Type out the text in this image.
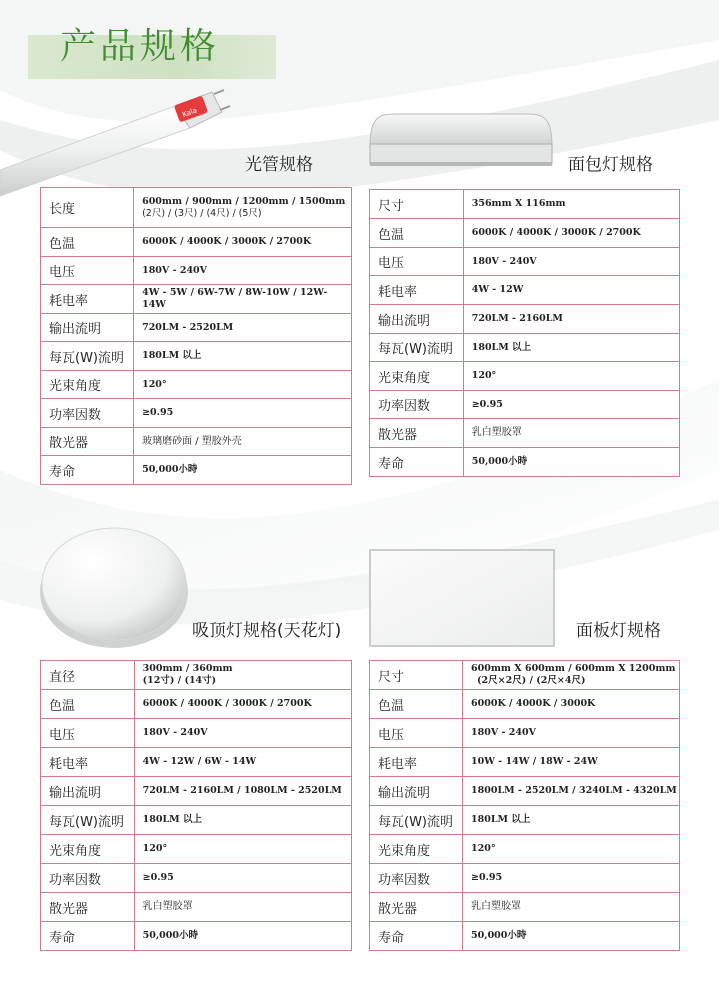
产品规格
Kala
光管规格	面包灯规格
吸顶灯规格(天花灯)	面板灯规格
长度	600mm / 900mm / 1200mm / 1500mm
(2尺) / (3尺) / (4尺) / (5尺)

色温	6000K / 4000K / 3000K / 2700K
电压	180V - 240V
耗电率	4W - 5W / 6W-7W / 8W-10W / 12W-14W
输出流明	720LM - 2520LM
每瓦(W)流明	180LM 以上
光束角度	120°
功率因数	≥0.95
散光器	玻璃磨砂面 / 塑胶外壳
寿命	50,000小時
尺寸	356mm X 116mm
色温	6000K / 4000K / 3000K / 2700K
电压	180V - 240V
耗电率	4W - 12W
输出流明	720LM - 2160LM
每瓦(W)流明	180LM 以上
光束角度	120°
功率因数	≥0.95
散光器	乳白塑胶罩
寿命	50,000小時
直径	300mm / 360mm
(12寸) / (14寸)

色温	6000K / 4000K / 3000K / 2700K
电压	180V - 240V
耗电率	4W - 12W / 6W - 14W
输出流明	720LM - 2160LM / 1080LM - 2520LM
每瓦(W)流明	180LM 以上
光束角度	120°
功率因数	≥0.95
散光器	乳白塑胶罩
寿命	50,000小時
尺寸	600mm X 600mm / 600mm X 1200mm
(2尺×2尺) / (2尺×4尺)

色温	6000K / 4000K / 3000K
电压	180V - 240V
耗电率	10W - 14W / 18W - 24W
输出流明	1800LM - 2520LM / 3240LM - 4320LM
每瓦(W)流明	180LM 以上
光束角度	120°
功率因数	≥0.95
散光器	乳白塑胶罩
寿命	50,000小時
